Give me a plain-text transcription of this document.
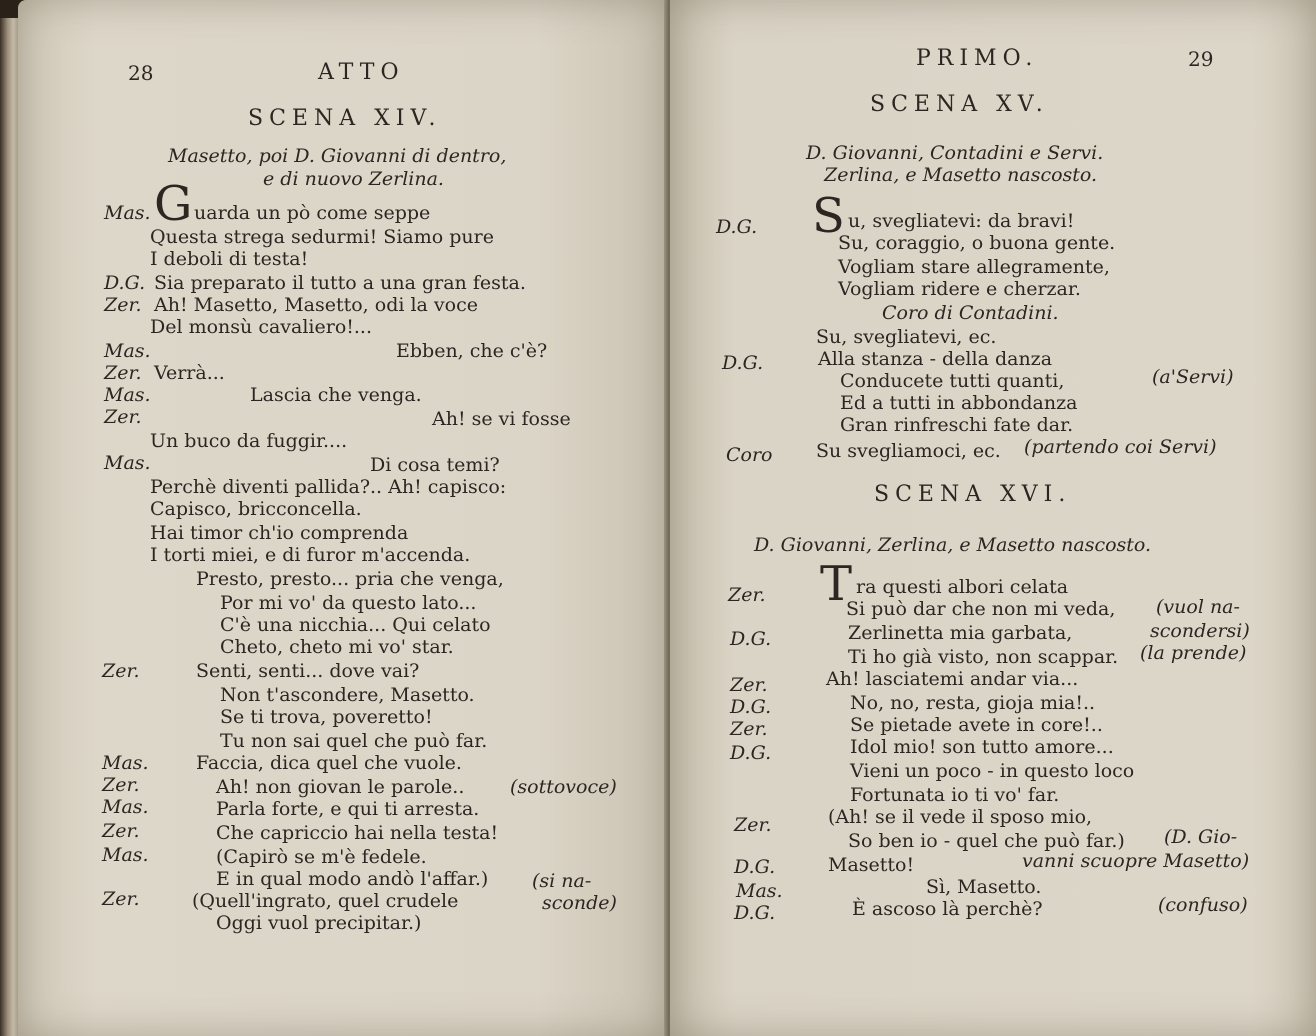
28	ATTO
SCENA XIV.
Masetto, poi D. Giovanni di dentro,
e di nuovo Zerlina.
Mas. G uarda un pò come seppe
Questa strega sedurmi! Siamo pure
I deboli di testa!
D.G. Sia preparato il tutto a una gran festa.
Zer. Ah! Masetto, Masetto, odi la voce
Del monsù cavaliero!...
Mas.	Ebben, che c'è?
Zer. Verrà...
Mas.	Lascia che venga.
Zer.	Ah! se vi fosse
Un buco da fuggir....
Mas.	Di cosa temi?
Perchè diventi pallida?.. Ah! capisco:
Capisco, bricconcella.
Hai timor ch'io comprenda
I torti miei, e di furor m'accenda.
Presto, presto... pria che venga,
Por mi vo' da questo lato...
C'è una nicchia... Qui celato
Cheto, cheto mi vo' star.
Zer.	Senti, senti... dove vai?
Non t'ascondere, Masetto.
Se ti trova, poveretto!
Tu non sai quel che può far.
Mas. Faccia, dica quel che vuole.
Zer.	Ah! non giovan le parole.. (sottovoce)
Mas.	Parla forte, e qui ti arresta.
Zer.	Che capriccio hai nella testa!
Mas.	(Capirò se m'è fedele.
E in qual modo andò l'affar.) (si na-
Zer.	(Quell'ingrato, quel crudele	sconde)
Oggi vuol precipitar.)
PRIMO.	29
SCENA XV.
D. Giovanni, Contadini e Servi.
Zerlina, e Masetto nascosto.
D.G. S u, svegliatevi: da bravi!
Su, coraggio, o buona gente.
Vogliam stare allegramente,
Vogliam ridere e cherzar.
Coro di Contadini.
Su, svegliatevi, ec.
D.G.	Alla stanza - della danza
Conducete tutti quanti,	(a'Servi)
Ed a tutti in abbondanza
Gran rinfreschi fate dar.
Coro Su svegliamoci, ec. (partendo coi Servi)
SCENA XVI.
D. Giovanni, Zerlina, e Masetto nascosto.
Zer. T ra questi albori celata
Si può dar che non mi veda, (vuol na-
D.G.	Zerlinetta mia garbata,	scondersi)
Ti ho già visto, non scappar. (la prende)
Zer.	Ah! lasciatemi andar via...
D.G.	No, no, resta, gioja mia!..
Zer.	Se pietade avete in core!..
D.G.	Idol mio! son tutto amore...
Vieni un poco - in questo loco
Fortunata io ti vo' far.
Zer.	(Ah! se il vede il sposo mio,
So ben io - quel che può far.) (D. Gio-
D.G.	Masetto!	vanni scuopre Masetto)
Mas.	Sì, Masetto.
D.G.	È ascoso là perchè?	(confuso)
